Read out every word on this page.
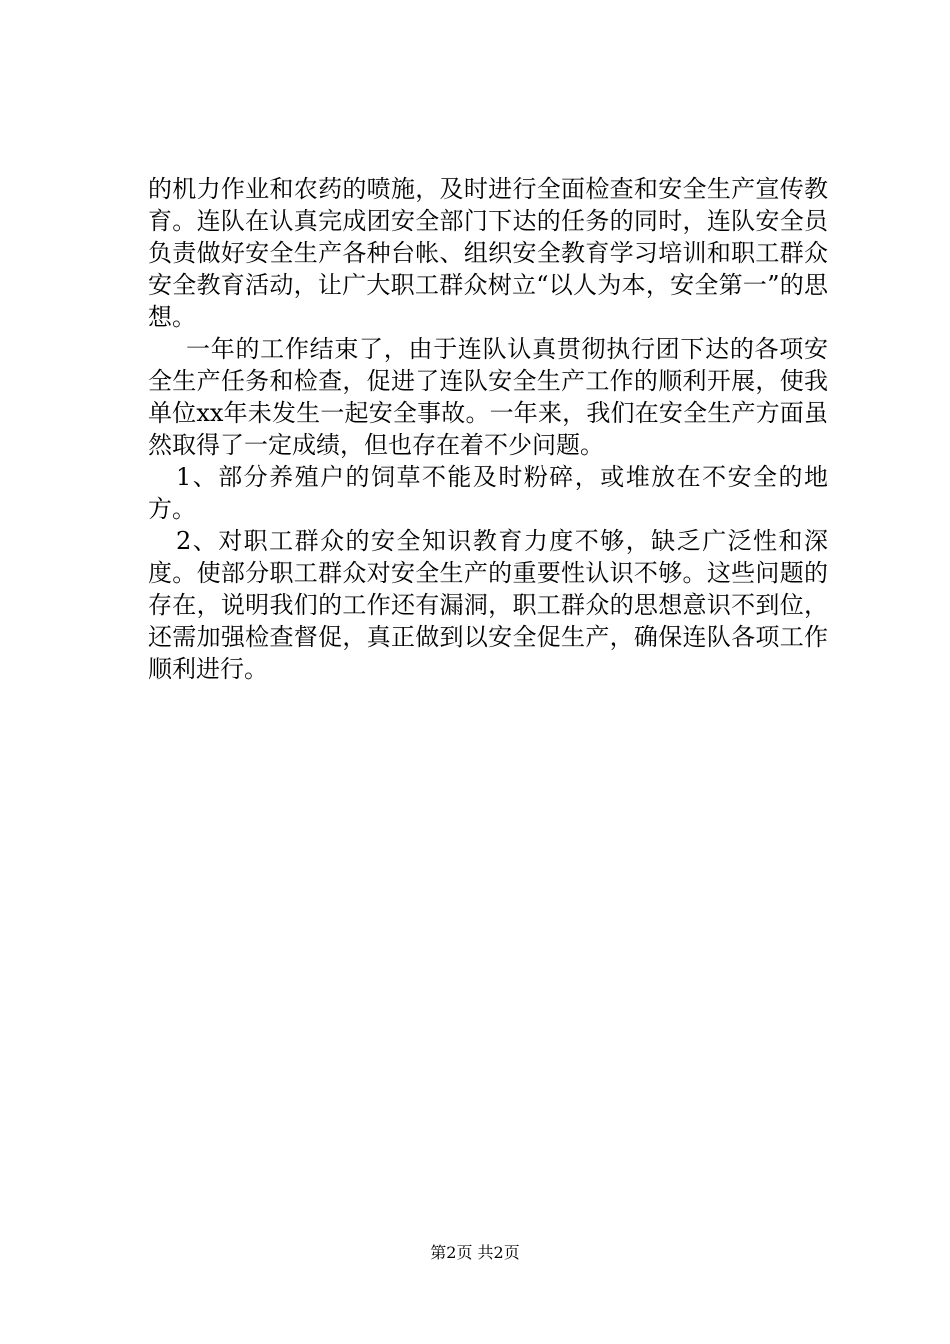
的机力作业和农药的喷施，及时进行全面检查和安全生产宣传教育。连队在认真完成团安全部门下达的任务的同时，连队安全员负责做好安全生产各种台帐、组织安全教育学习培训和职工群众安全教育活动，让广大职工群众树立“以人为本，安全第一”的思想。

一年的工作结束了，由于连队认真贯彻执行团下达的各项安全生产任务和检查，促进了连队安全生产工作的顺利开展，使我单位xx年未发生一起安全事故。一年来，我们在安全生产方面虽然取得了一定成绩，但也存在着不少问题。

1、部分养殖户的饲草不能及时粉碎，或堆放在不安全的地方。

2、对职工群众的安全知识教育力度不够，缺乏广泛性和深度。使部分职工群众对安全生产的重要性认识不够。这些问题的存在，说明我们的工作还有漏洞，职工群众的思想意识不到位，还需加强检查督促，真正做到以安全促生产，确保连队各项工作顺利进行。

第2页 共2页
